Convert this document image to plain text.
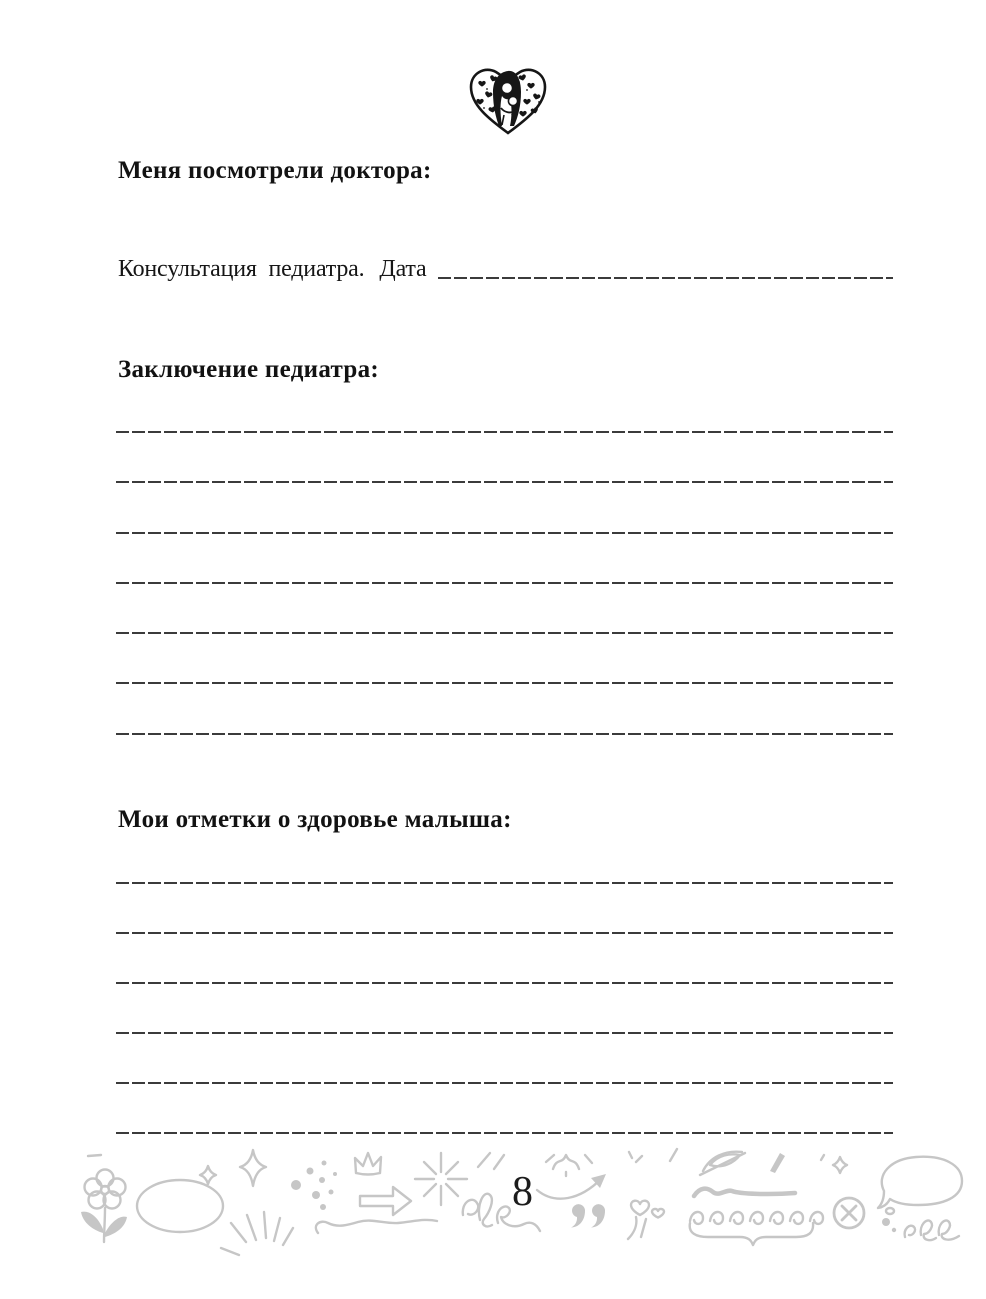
Меня посмотрели доктора:
Консультация педиатра. Дата
Заключение педиатра:
Мои отметки о здоровье малыша:
8
